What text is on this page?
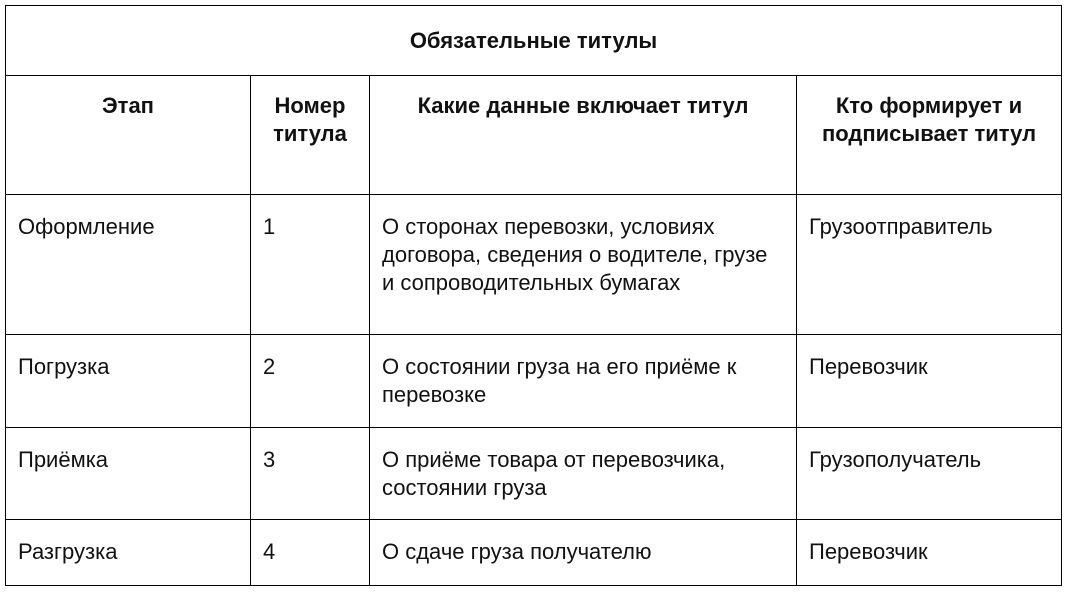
Обязательные титулы			
Этап	Номер титула	Какие данные включает титул	Кто формирует и подписывает титул
Оформление	1	О сторонах перевозки, условиях договора, сведения о водителе, грузе и сопроводительных бумагах	Грузоотправитель
Погрузка	2	О состоянии груза на его приёме к перевозке	Перевозчик
Приёмка	3	О приёме товара от перевозчика, состоянии груза	Грузополучатель
Разгрузка	4	О сдаче груза получателю	Перевозчик
